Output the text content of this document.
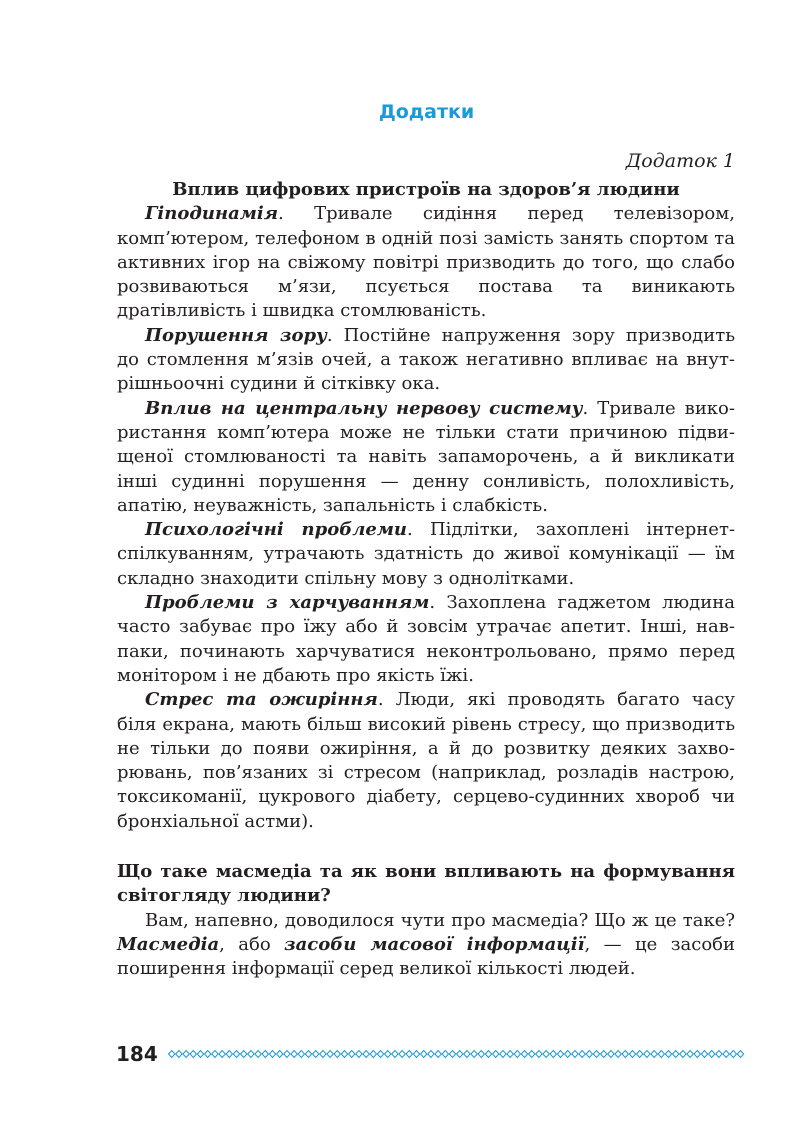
Додатки

Додаток 1

Вплив цифрових пристроїв на здоров’я людини

Гіподинамія. Тривале сидіння перед телевізором, комп’ютером, телефоном в одній позі замість занять спортом та активних ігор на свіжому повітрі призводить до того, що слабо розвиваються м’язи, псується постава та виникають дратівливість і швидка стомлюваність.

Порушення зору. Постійне напруження зору призводить до стомлення м’язів очей, а також негативно впливає на внутрішньоочні судини й сітківку ока.

Вплив на центральну нервову систему. Тривале використання комп’ютера може не тільки стати причиною підвищеної стомлюваності та навіть запаморочень, а й викликати інші судинні порушення — денну сонливість, полохливість, апатію, неуважність, запальність і слабкість.

Психологічні проблеми. Підлітки, захоплені інтернет-спілкуванням, утрачають здатність до живої комунікації — їм складно знаходити спільну мову з однолітками.

Проблеми з харчуванням. Захоплена гаджетом людина часто забуває про їжу або й зовсім утрачає апетит. Інші, навпаки, починають харчуватися неконтрольовано, прямо перед монітором і не дбають про якість їжі.

Стрес та ожиріння. Люди, які проводять багато часу біля екрана, мають більш високий рівень стресу, що призводить не тільки до появи ожиріння, а й до розвитку деяких захворювань, пов’язаних зі стресом (наприклад, розладів настрою, токсикоманії, цукрового діабету, серцево-судинних хвороб чи бронхіальної астми).

Що таке масмедіа та як вони впливають на формування світогляду людини?

Вам, напевно, доводилося чути про масмедіа? Що ж це таке? Масмедіа, або засоби масової інформації, — це засоби поширення інформації серед великої кількості людей.

184
